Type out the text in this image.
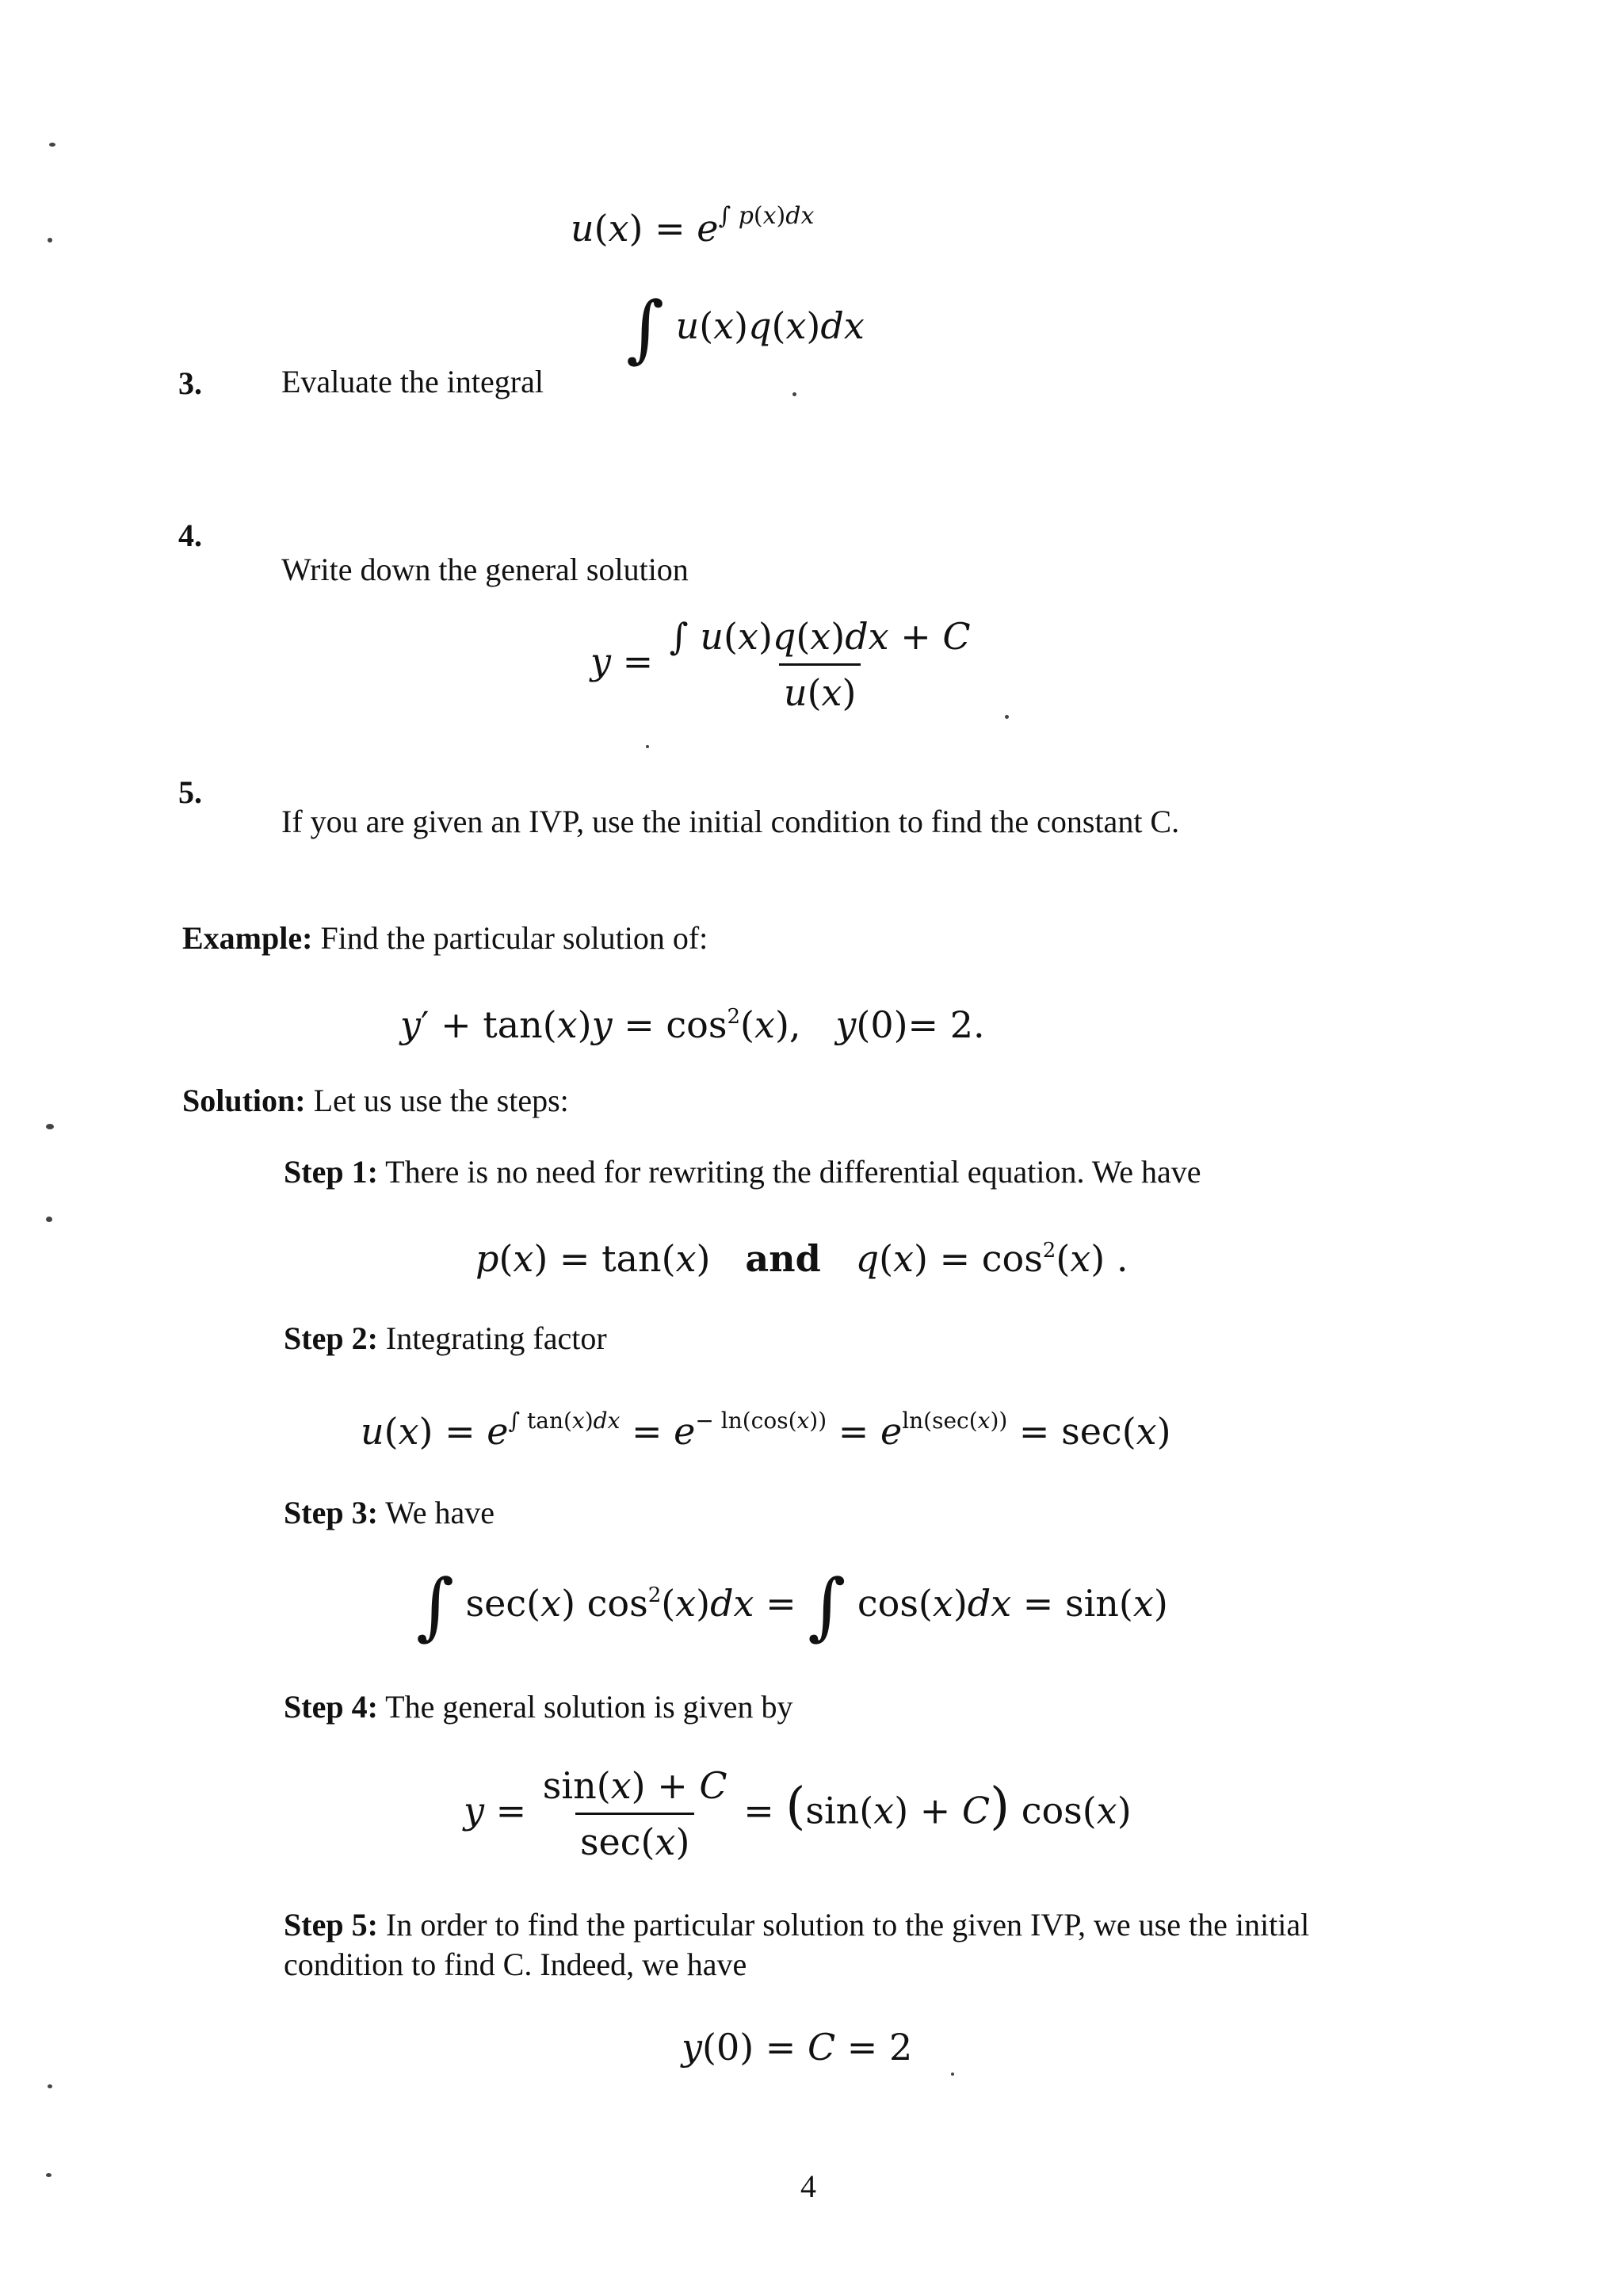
$u(x) = e^{\int p(x)dx}$
∫ u(x)q(x)dx
3.	Evaluate the integral
4.
Write down the general solution
$y = \frac{\int u(x)q(x)dx + C}{u(x)}$
5.
If you are given an IVP, use the initial condition to find the constant C.
Example: Find the particular solution of:
$y' + \tan(x)y = \cos^2(x)$,   y(0)= 2.
Solution: Let us use the steps:
Step 1: There is no need for rewriting the differential equation. We have
p(x) = tan(x)   and $q(x) = \cos^2(x)$ .
Step 2: Integrating factor
$u(x) = e^{\int tan(x)dx} = e^{- ln(cos(x))} = e^{ln(sec(x))} = \sec(x)$
Step 3: We have
∫ sec(x) $\cos^2(x)dx$ = ∫ cos(x)dx = sin(x)
Step 4: The general solution is given by
$y = \frac{\sin(x) + C}{\sec(x)} = (\sin(x) + C)$ cos(x)
Step 5: In order to find the particular solution to the given IVP, we use the initial
condition to find C. Indeed, we have
y(0) = C = 2
4
